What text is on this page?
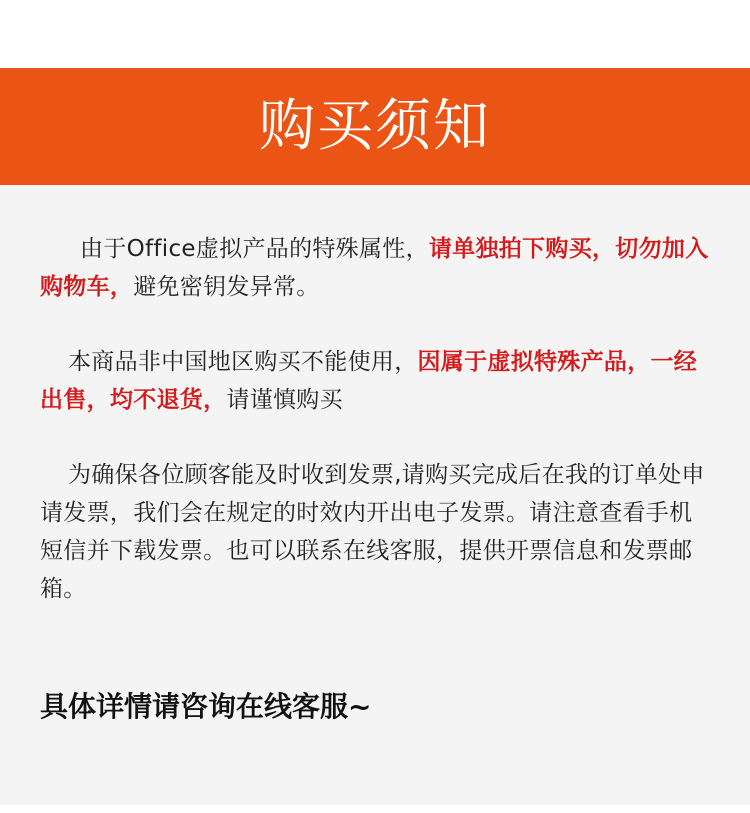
购买须知

由于Office虚拟产品的特殊属性，请单独拍下购买，切勿加入购物车，避免密钥发异常。

本商品非中国地区购买不能使用，因属于虚拟特殊产品，一经出售，均不退货，请谨慎购买

为确保各位顾客能及时收到发票,请购买完成后在我的订单处申请发票，我们会在规定的时效内开出电子发票。请注意查看手机短信并下载发票。也可以联系在线客服，提供开票信息和发票邮箱。

具体详情请咨询在线客服~
